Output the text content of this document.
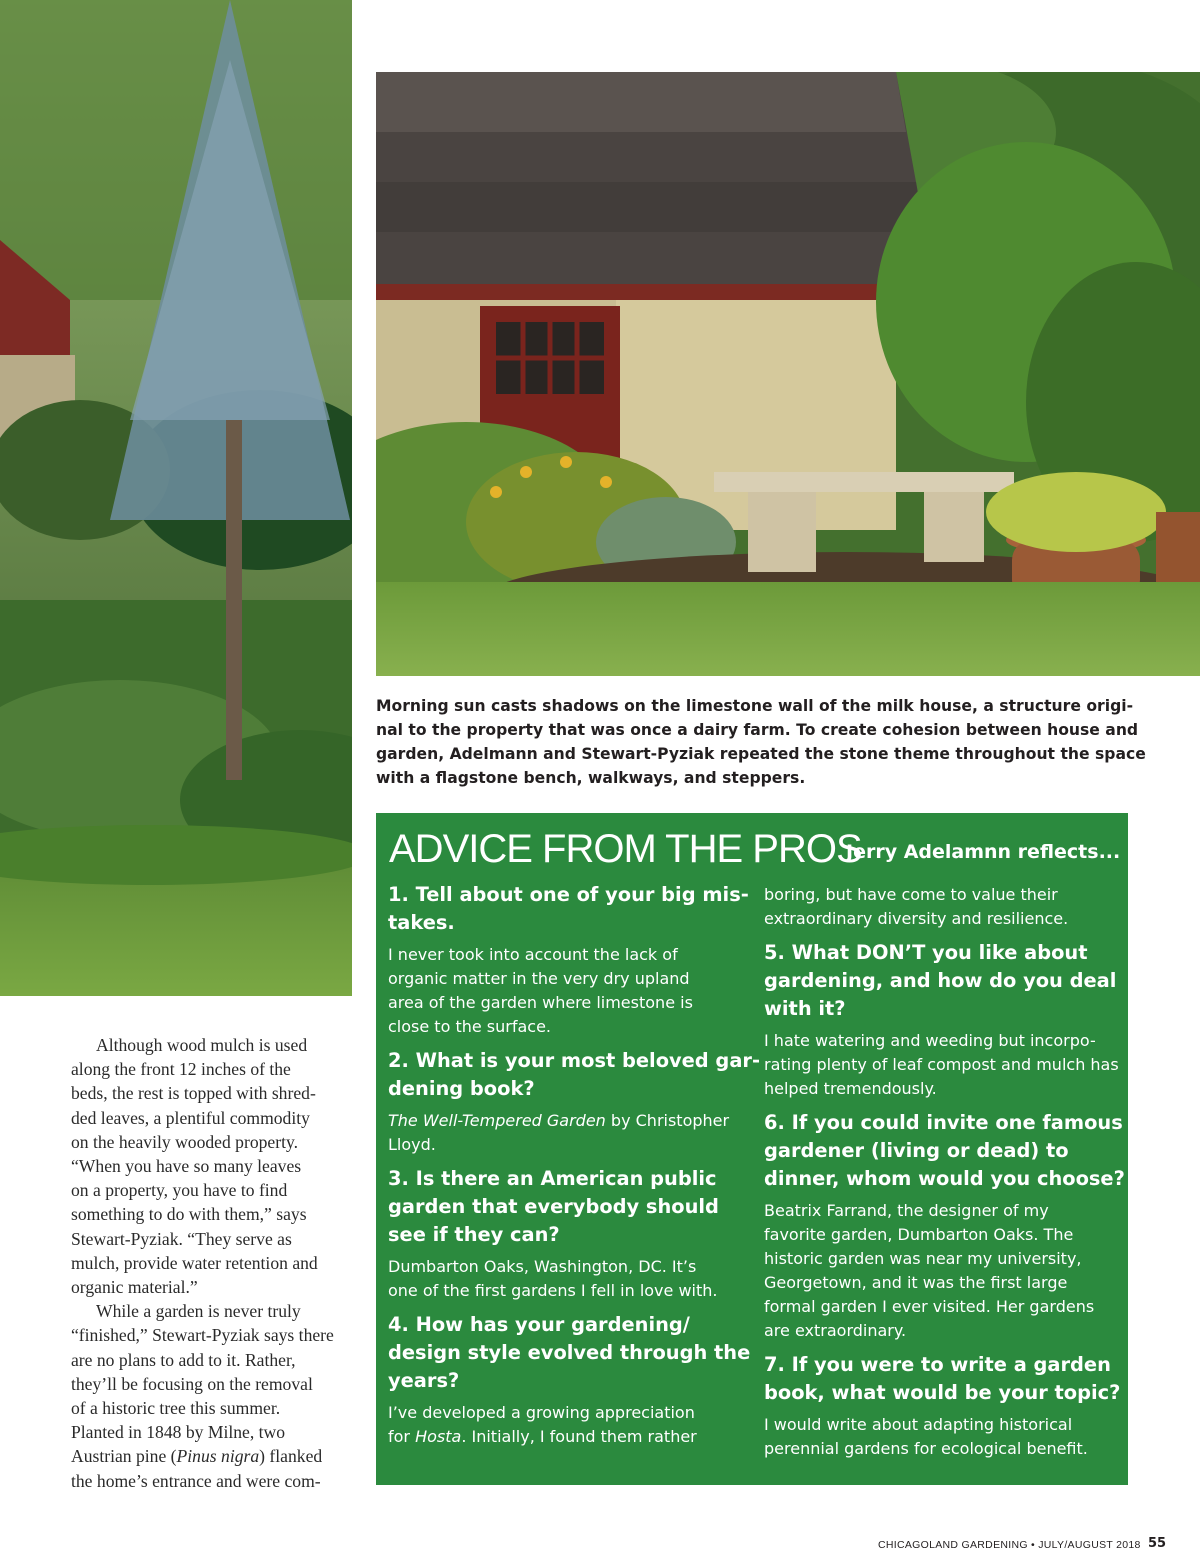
Morning sun casts shadows on the limestone wall of the milk house, a structure origi-
nal to the property that was once a dairy farm. To create cohesion between house and
garden, Adelmann and Stewart-Pyziak repeated the stone theme throughout the space
with a flagstone bench, walkways, and steppers.
Although wood mulch is used
along the front 12 inches of the
beds, the rest is topped with shred-
ded leaves, a plentiful commodity
on the heavily wooded property.
“When you have so many leaves
on a property, you have to find
something to do with them,” says
Stewart-Pyziak. “They serve as
mulch, provide water retention and
organic material.”
While a garden is never truly
“finished,” Stewart-Pyziak says there
are no plans to add to it. Rather,
they’ll be focusing on the removal
of a historic tree this summer.
Planted in 1848 by Milne, two
Austrian pine (Pinus nigra) flanked
the home’s entrance and were com-
ADVICE FROM THE PROS
Jerry Adelamnn reflects...
1. Tell about one of your big mis-
takes.
I never took into account the lack of
organic matter in the very dry upland
area of the garden where limestone is
close to the surface.
2. What is your most beloved gar-
dening book?
The Well-Tempered Garden by Christopher
Lloyd.
3. Is there an American public
garden that everybody should
see if they can?
Dumbarton Oaks, Washington, DC. It’s
one of the first gardens I fell in love with.
4. How has your gardening/
design style evolved through the
years?
I’ve developed a growing appreciation
for Hosta. Initially, I found them rather
boring, but have come to value their
extraordinary diversity and resilience.
5. What DON’T you like about
gardening, and how do you deal
with it?
I hate watering and weeding but incorpo-
rating plenty of leaf compost and mulch has
helped tremendously.
6. If you could invite one famous
gardener (living or dead) to
dinner, whom would you choose?
Beatrix Farrand, the designer of my
favorite garden, Dumbarton Oaks. The
historic garden was near my university,
Georgetown, and it was the first large
formal garden I ever visited. Her gardens
are extraordinary.
7. If you were to write a garden
book, what would be your topic?
I would write about adapting historical
perennial gardens for ecological benefit.
CHICAGOLAND GARDENING • JULY/AUGUST 2018 55
